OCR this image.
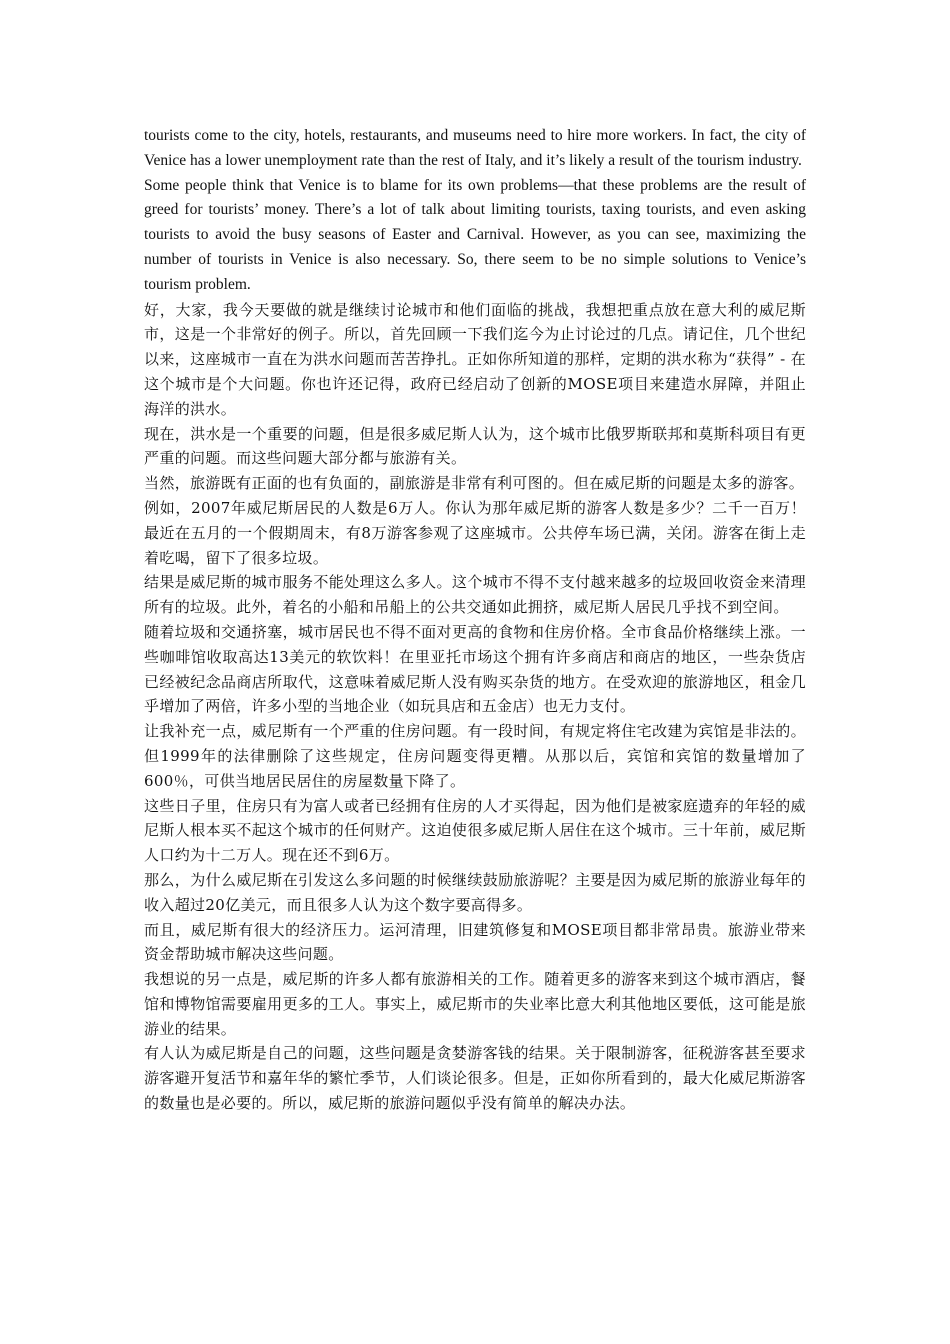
tourists come to the city, hotels, restaurants, and museums need to hire more workers. In fact, the city of Venice has a lower unemployment rate than the rest of Italy, and it’s likely a result of the tourism industry.

Some people think that Venice is to blame for its own problems—that these problems are the result of greed for tourists’ money. There’s a lot of talk about limiting tourists, taxing tourists, and even asking tourists to avoid the busy seasons of Easter and Carnival. However, as you can see, maximizing the number of tourists in Venice is also necessary. So, there seem to be no simple solutions to Venice’s tourism problem.

好，大家，我今天要做的就是继续讨论城市和他们面临的挑战，我想把重点放在意大利的威尼斯市，这是一个非常好的例子。所以，首先回顾一下我们迄今为止讨论过的几点。请记住，几个世纪以来，这座城市一直在为洪水问题而苦苦挣扎。正如你所知道的那样，定期的洪水称为“获得” - 在这个城市是个大问题。你也许还记得，政府已经启动了创新的MOSE项目来建造水屏障，并阻止海洋的洪水。

现在，洪水是一个重要的问题，但是很多威尼斯人认为，这个城市比俄罗斯联邦和莫斯科项目有更严重的问题。而这些问题大部分都与旅游有关。

当然，旅游既有正面的也有负面的，副旅游是非常有利可图的。但在威尼斯的问题是太多的游客。

例如，2007年威尼斯居民的人数是6万人。你认为那年威尼斯的游客人数是多少？二千一百万！最近在五月的一个假期周末，有8万游客参观了这座城市。公共停车场已满，关闭。游客在街上走着吃喝，留下了很多垃圾。

结果是威尼斯的城市服务不能处理这么多人。这个城市不得不支付越来越多的垃圾回收资金来清理所有的垃圾。此外，着名的小船和吊船上的公共交通如此拥挤，威尼斯人居民几乎找不到空间。

随着垃圾和交通挤塞，城市居民也不得不面对更高的食物和住房价格。全市食品价格继续上涨。一些咖啡馆收取高达13美元的软饮料！在里亚托市场这个拥有许多商店和商店的地区，一些杂货店已经被纪念品商店所取代，这意味着威尼斯人没有购买杂货的地方。在受欢迎的旅游地区，租金几乎增加了两倍，许多小型的当地企业（如玩具店和五金店）也无力支付。

让我补充一点，威尼斯有一个严重的住房问题。有一段时间，有规定将住宅改建为宾馆是非法的。但1999年的法律删除了这些规定，住房问题变得更糟。从那以后，宾馆和宾馆的数量增加了600％，可供当地居民居住的房屋数量下降了。

这些日子里，住房只有为富人或者已经拥有住房的人才买得起，因为他们是被家庭遗弃的年轻的威尼斯人根本买不起这个城市的任何财产。这迫使很多威尼斯人居住在这个城市。三十年前，威尼斯人口约为十二万人。现在还不到6万。

那么，为什么威尼斯在引发这么多问题的时候继续鼓励旅游呢？主要是因为威尼斯的旅游业每年的收入超过20亿美元，而且很多人认为这个数字要高得多。

而且，威尼斯有很大的经济压力。运河清理，旧建筑修复和MOSE项目都非常昂贵。旅游业带来资金帮助城市解决这些问题。

我想说的另一点是，威尼斯的许多人都有旅游相关的工作。随着更多的游客来到这个城市酒店，餐馆和博物馆需要雇用更多的工人。事实上，威尼斯市的失业率比意大利其他地区要低，这可能是旅游业的结果。

有人认为威尼斯是自己的问题，这些问题是贪婪游客钱的结果。关于限制游客，征税游客甚至要求游客避开复活节和嘉年华的繁忙季节，人们谈论很多。但是，正如你所看到的，最大化威尼斯游客的数量也是必要的。所以，威尼斯的旅游问题似乎没有简单的解决办法。
